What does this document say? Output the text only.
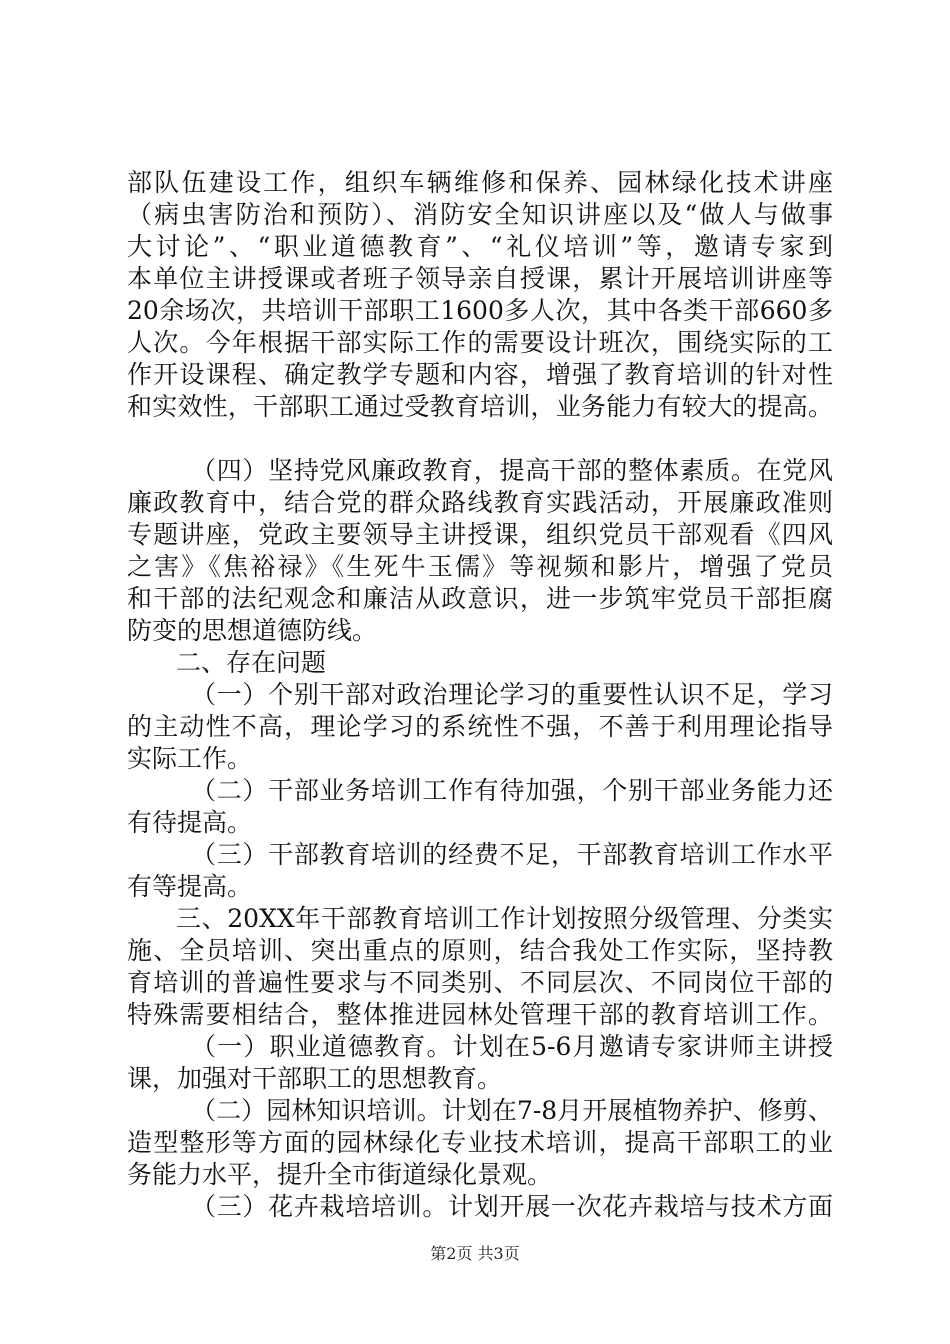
部队伍建设工作，组织车辆维修和保养、园林绿化技术讲座
（病虫害防治和预防）、消防安全知识讲座以及“做人与做事
大讨论”、“职业道德教育”、“礼仪培训”等，邀请专家到
本单位主讲授课或者班子领导亲自授课，累计开展培训讲座等
20余场次，共培训干部职工1600多人次，其中各类干部660多
人次。今年根据干部实际工作的需要设计班次，围绕实际的工
作开设课程、确定教学专题和内容，增强了教育培训的针对性
和实效性，干部职工通过受教育培训，业务能力有较大的提高。
（四）坚持党风廉政教育，提高干部的整体素质。在党风
廉政教育中，结合党的群众路线教育实践活动，开展廉政准则
专题讲座，党政主要领导主讲授课，组织党员干部观看《四风
之害》《焦裕禄》《生死牛玉儒》等视频和影片，增强了党员
和干部的法纪观念和廉洁从政意识，进一步筑牢党员干部拒腐
防变的思想道德防线。
二、存在问题
（一）个别干部对政治理论学习的重要性认识不足，学习
的主动性不高，理论学习的系统性不强，不善于利用理论指导
实际工作。
（二）干部业务培训工作有待加强，个别干部业务能力还
有待提高。
（三）干部教育培训的经费不足，干部教育培训工作水平
有等提高。
三、20XX年干部教育培训工作计划按照分级管理、分类实
施、全员培训、突出重点的原则，结合我处工作实际，坚持教
育培训的普遍性要求与不同类别、不同层次、不同岗位干部的
特殊需要相结合，整体推进园林处管理干部的教育培训工作。
（一）职业道德教育。计划在5-6月邀请专家讲师主讲授
课，加强对干部职工的思想教育。
（二）园林知识培训。计划在7-8月开展植物养护、修剪、
造型整形等方面的园林绿化专业技术培训，提高干部职工的业
务能力水平，提升全市街道绿化景观。
（三）花卉栽培培训。计划开展一次花卉栽培与技术方面
第2页 共3页
